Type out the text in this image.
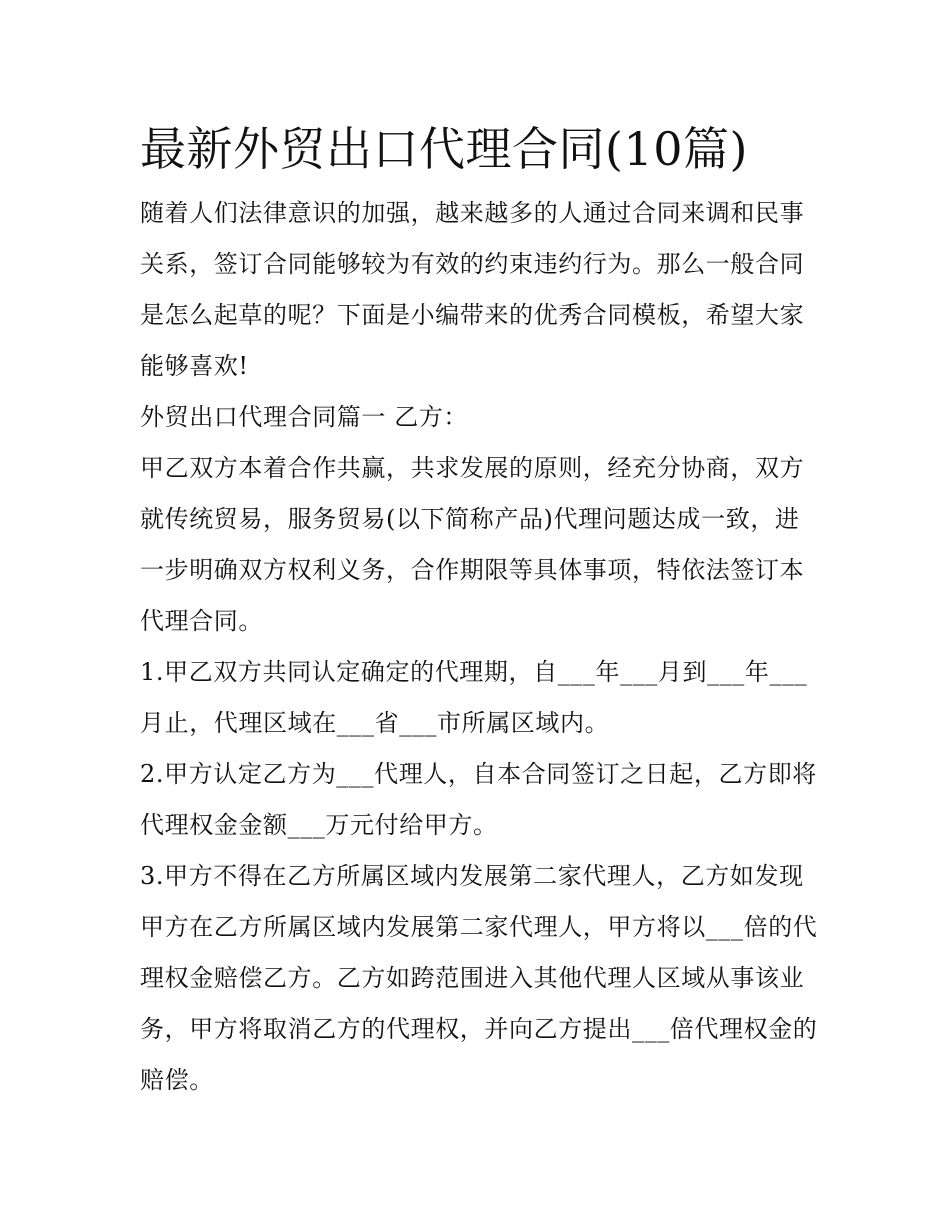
最新外贸出口代理合同(10篇)

随着人们法律意识的加强，越来越多的人通过合同来调和民事关系，签订合同能够较为有效的约束违约行为。那么一般合同是怎么起草的呢？下面是小编带来的优秀合同模板，希望大家能够喜欢!

外贸出口代理合同篇一 乙方：

甲乙双方本着合作共赢，共求发展的原则，经充分协商，双方就传统贸易，服务贸易(以下简称产品)代理问题达成一致，进一步明确双方权利义务，合作期限等具体事项，特依法签订本代理合同。

1.甲乙双方共同认定确定的代理期，自___年___月到___年___月止，代理区域在___省___市所属区域内。

2.甲方认定乙方为___代理人，自本合同签订之日起，乙方即将代理权金金额___万元付给甲方。

3.甲方不得在乙方所属区域内发展第二家代理人，乙方如发现甲方在乙方所属区域内发展第二家代理人，甲方将以___倍的代理权金赔偿乙方。乙方如跨范围进入其他代理人区域从事该业务，甲方将取消乙方的代理权，并向乙方提出___倍代理权金的赔偿。
